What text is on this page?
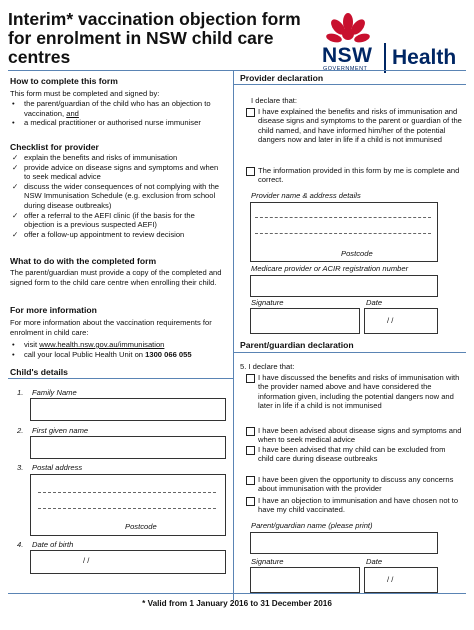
Interim* vaccination objection form for enrolment in NSW child care centres	NSW
GOVERNMENT Health
How to complete this form
This form must be completed and signed by:
• the parent/guardian of the child who has an objection to vaccination, and
• a medical practitioner or authorised nurse immuniser
Checklist for provider
✓ explain the benefits and risks of immunisation
✓ provide advice on disease signs and symptoms and when to seek medical advice
✓ discuss the wider consequences of not complying with the NSW Immunisation Schedule (e.g. exclusion from school during disease outbreaks)
✓ offer a referral to the AEFI clinic (if the basis for the objection is a previous suspected AEFI)
✓ offer a follow-up appointment to review decision
What to do with the completed form
The parent/guardian must provide a copy of the completed and signed form to the child care centre when enrolling their child.
For more information
For more information about the vaccination requirements for enrolment in child care:
• visit www.health.nsw.gov.au/immunisation
• call your local Public Health Unit on 1300 066 055
Child's details
1. Family Name
2. First given name
3. Postal address
Postcode
4. Date of birth
/ /
Provider declaration
I declare that:
I have explained the benefits and risks of immunisation and disease signs and symptoms to the parent or guardian of the child named, and have informed him/her of the potential dangers now and later in life if a child is not immunised
The information provided in this form by me is complete and correct.
Provider name & address details
Postcode
Medicare provider or ACIR registration number
Signature	Date
/ /
Parent/guardian declaration
5. I declare that:
I have discussed the benefits and risks of immunisation with the provider named above and have considered the information given, including the potential dangers now and later in life if a child is not immunised
I have been advised about disease signs and symptoms and when to seek medical advice
I have been advised that my child can be excluded from child care during disease outbreaks
I have been given the opportunity to discuss any concerns about immunisation with the provider
I have an objection to immunisation and have chosen not to have my child vaccinated.
Parent/guardian name (please print)
Signature	Date
/ /
* Valid from 1 January 2016 to 31 December 2016
